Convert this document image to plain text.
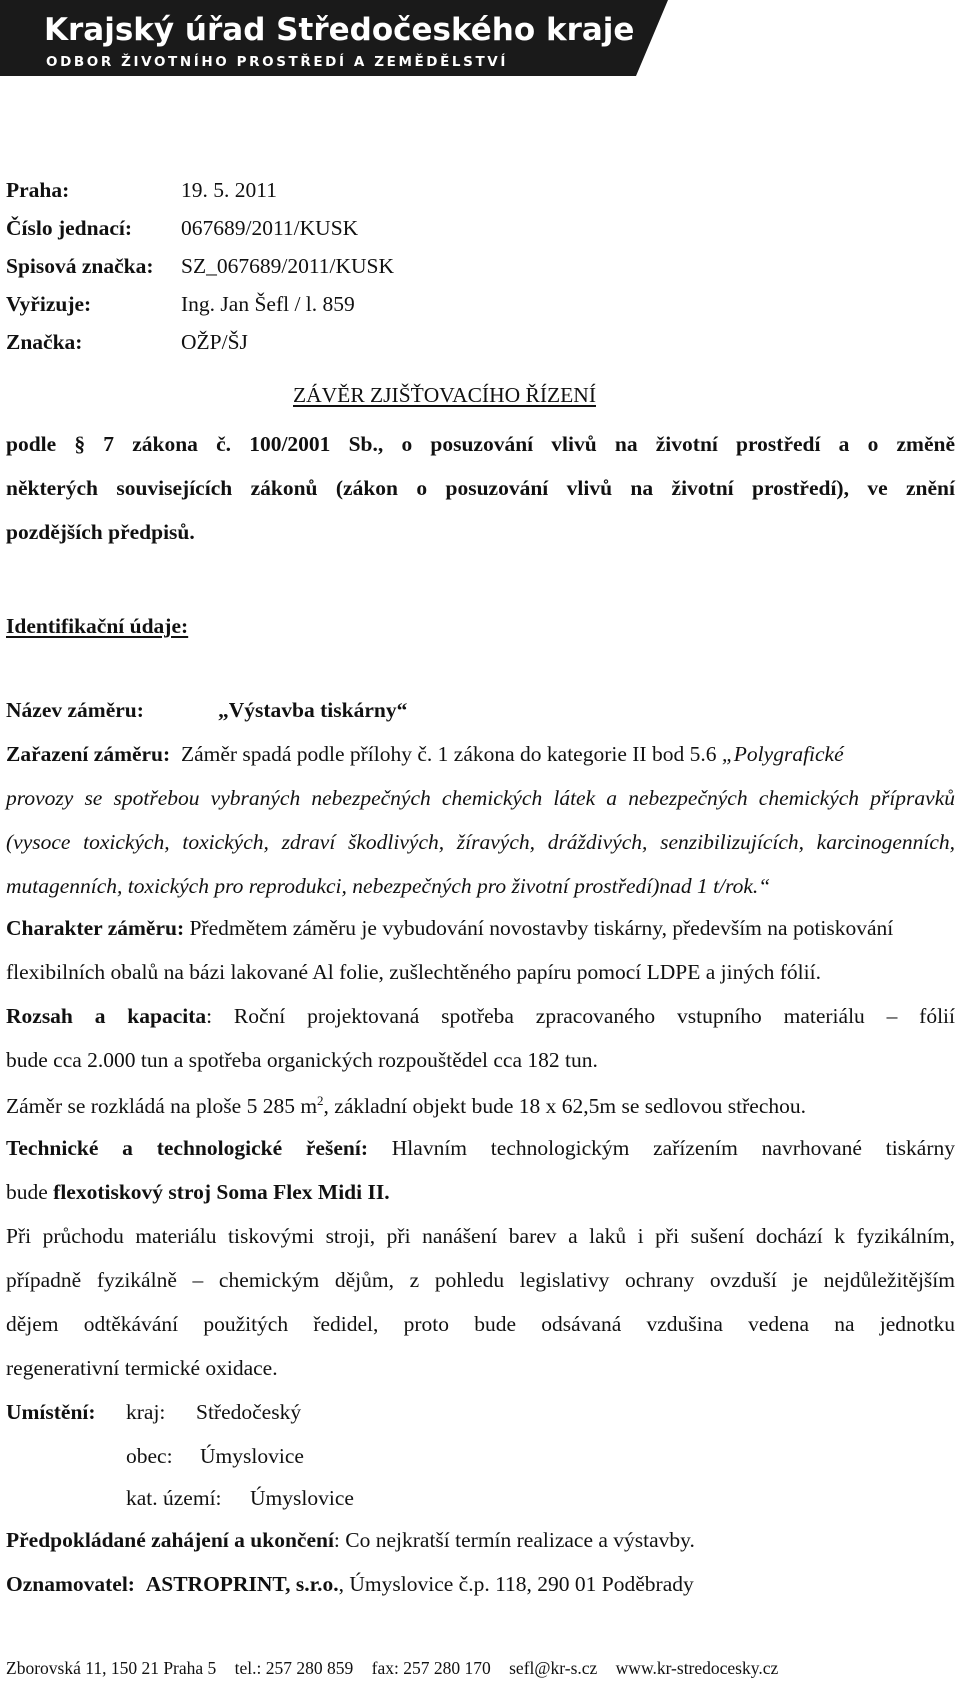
Krajský úřad Středočeského kraje
ODBOR ŽIVOTNÍHO PROSTŘEDÍ A ZEMĚDĚLSTVÍ

Praha:	19. 5. 2011

Číslo jednací: 067689/2011/KUSK

Spisová značka: SZ_067689/2011/KUSK

Vyřizuje:	Ing. Jan Šefl / l. 859

Značka:	OŽP/ŠJ

ZÁVĚR ZJIŠŤOVACÍHO ŘÍZENÍ

podle § 7 zákona č. 100/2001 Sb., o posuzování vlivů na životní prostředí a o změně

některých souvisejících zákonů (zákon o posuzování vlivů na životní prostředí), ve znění

pozdějších předpisů.

Identifikační údaje:

Název záměru:	„Výstavba tiskárny“

Zařazení záměru: Záměr spadá podle přílohy č. 1 zákona do kategorie II bod 5.6 „Polygrafické

provozy se spotřebou vybraných nebezpečných chemických látek a nebezpečných chemických přípravků

(vysoce toxických, toxických, zdraví škodlivých, žíravých, dráždivých, senzibilizujících, karcinogenních,

mutagenních, toxických pro reprodukci, nebezpečných pro životní prostředí)nad 1 t/rok.“

Charakter záměru: Předmětem záměru je vybudování novostavby tiskárny, především na potiskování

flexibilních obalů na bázi lakované Al folie, zušlechtěného papíru pomocí LDPE a jiných fólií.

Rozsah a kapacita: Roční projektovaná spotřeba zpracovaného vstupního materiálu – fólií

bude cca 2.000 tun a spotřeba organických rozpouštědel cca 182 tun.

Záměr se rozkládá na ploše 5 285 $m^2$, základní objekt bude 18 x 62,5m se sedlovou střechou.

Technické a technologické řešení: Hlavním technologickým zařízením navrhované tiskárny

bude flexotiskový stroj Soma Flex Midi II.

Při průchodu materiálu tiskovými stroji, při nanášení barev a laků i při sušení dochází k fyzikálním,

případně fyzikálně – chemickým dějům, z pohledu legislativy ochrany ovzduší je nejdůležitějším

dějem odtěkávání použitých ředidel, proto bude odsávaná vzdušina vedena na jednotku

regenerativní termické oxidace.

Umístění: kraj: Středočeský

obec: Úmyslovice

kat. území: Úmyslovice

Předpokládané zahájení a ukončení: Co nejkratší termín realizace a výstavby.

Oznamovatel: ASTROPRINT, s.r.o., Úmyslovice č.p. 118, 290 01 Poděbrady

Zborovská 11, 150 21 Praha 5 tel.: 257 280 859 fax: 257 280 170 sefl@kr-s.cz www.kr-stredocesky.cz
